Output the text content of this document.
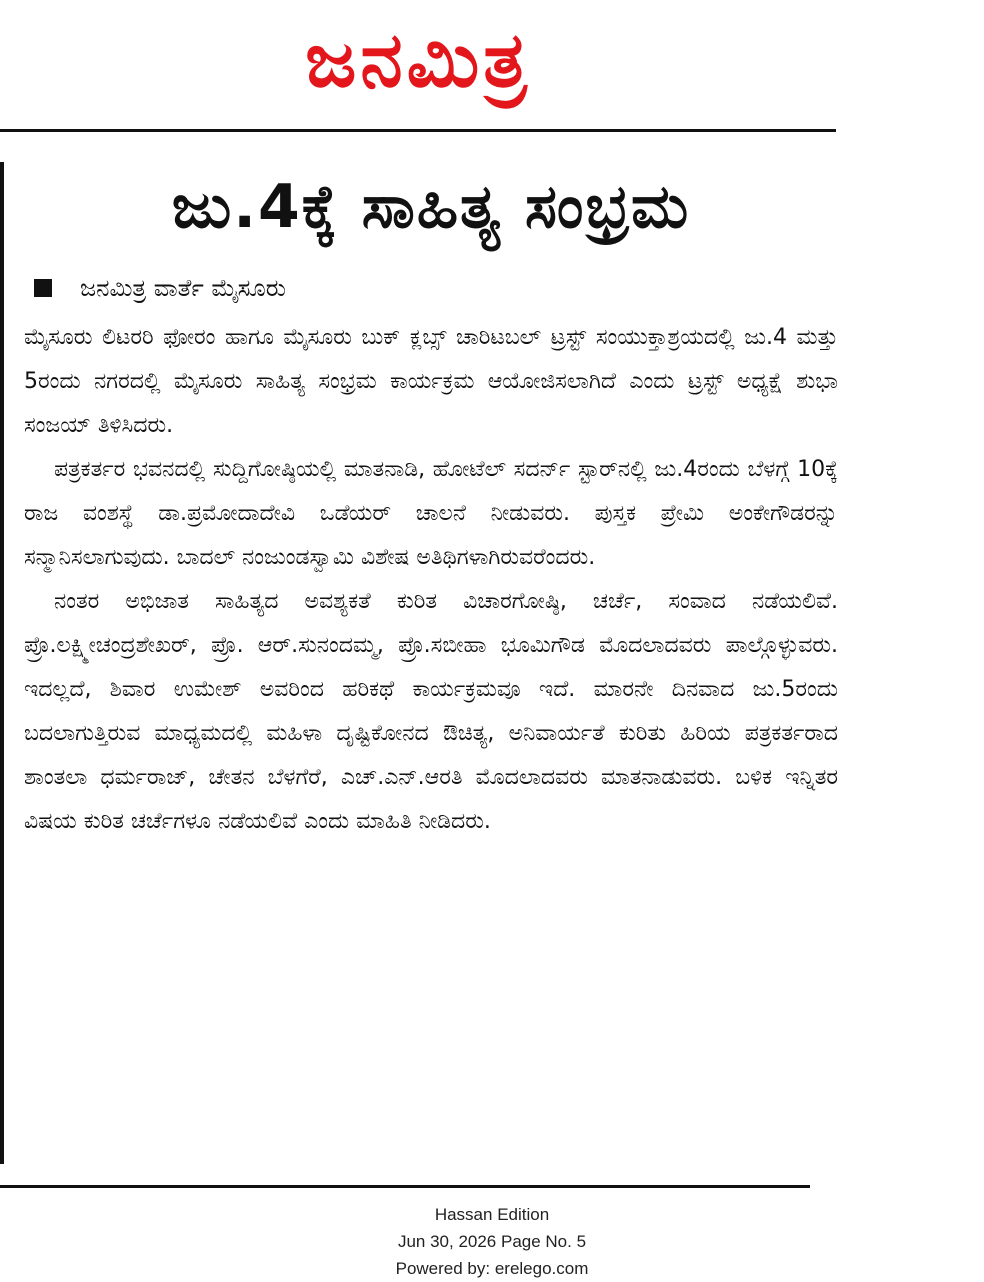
ಜನಮಿತ್ರ
ಜು.4ಕ್ಕೆ ಸಾಹಿತ್ಯ ಸಂಭ್ರಮ
ಜನಮಿತ್ರ ವಾರ್ತೆ ಮೈಸೂರು

ಮೈಸೂರು ಲಿಟರರಿ ಫೋರಂ ಹಾಗೂ ಮೈಸೂರು ಬುಕ್ ಕ್ಲಬ್ಸ್ ಚಾರಿಟಬಲ್ ಟ್ರಸ್ಟ್ ಸಂಯುಕ್ತಾಶ್ರಯದಲ್ಲಿ ಜು.4 ಮತ್ತು 5ರಂದು ನಗರದಲ್ಲಿ ಮೈಸೂರು ಸಾಹಿತ್ಯ ಸಂಭ್ರಮ ಕಾರ್ಯಕ್ರಮ ಆಯೋಜಿಸಲಾಗಿದೆ ಎಂದು ಟ್ರಸ್ಟ್ ಅಧ್ಯಕ್ಷೆ ಶುಭಾ ಸಂಜಯ್ ತಿಳಿಸಿದರು.

ಪತ್ರಕರ್ತರ ಭವನದಲ್ಲಿ ಸುದ್ದಿಗೋಷ್ಠಿಯಲ್ಲಿ ಮಾತನಾಡಿ, ಹೋಟೆಲ್ ಸದರ್ನ್ ಸ್ಟಾರ್‌ನಲ್ಲಿ ಜು.4ರಂದು ಬೆಳಗ್ಗೆ 10ಕ್ಕೆ ರಾಜ ವಂಶಸ್ಥೆ ಡಾ.ಪ್ರಮೋದಾದೇವಿ ಒಡೆಯರ್ ಚಾಲನೆ ನೀಡುವರು. ಪುಸ್ತಕ ಪ್ರೇಮಿ ಅಂಕೇಗೌಡರನ್ನು ಸನ್ಮಾನಿಸಲಾಗುವುದು. ಬಾದಲ್ ನಂಜುಂಡಸ್ವಾಮಿ ವಿಶೇಷ ಅತಿಥಿಗಳಾಗಿರುವರೆಂದರು.

ನಂತರ ಅಭಿಜಾತ ಸಾಹಿತ್ಯದ ಅವಶ್ಯಕತೆ ಕುರಿತ ವಿಚಾರಗೋಷ್ಠಿ, ಚರ್ಚೆ, ಸಂವಾದ ನಡೆಯಲಿವೆ. ಪ್ರೊ.ಲಕ್ಷ್ಮೀಚಂದ್ರಶೇಖರ್, ಪ್ರೊ. ಆರ್.ಸುನಂದಮ್ಮ, ಪ್ರೊ.ಸಬೀಹಾ ಭೂಮಿಗೌಡ ಮೊದಲಾದವರು ಪಾಲ್ಗೊಳ್ಳುವರು. ಇದಲ್ಲದೆ, ಶಿವಾರ ಉಮೇಶ್ ಅವರಿಂದ ಹರಿಕಥೆ ಕಾರ್ಯಕ್ರಮವೂ ಇದೆ. ಮಾರನೇ ದಿನವಾದ ಜು.5ರಂದು ಬದಲಾಗುತ್ತಿರುವ ಮಾಧ್ಯಮದಲ್ಲಿ ಮಹಿಳಾ ದೃಷ್ಟಿಕೋನದ ಔಚಿತ್ಯ, ಅನಿವಾರ್ಯತೆ ಕುರಿತು ಹಿರಿಯ ಪತ್ರಕರ್ತರಾದ ಶಾಂತಲಾ ಧರ್ಮರಾಜ್, ಚೇತನ ಬೆಳಗೆರೆ, ಎಚ್.ಎನ್.ಆರತಿ ಮೊದಲಾದವರು ಮಾತನಾಡುವರು. ಬಳಿಕ ಇನ್ನಿತರ ವಿಷಯ ಕುರಿತ ಚರ್ಚೆಗಳೂ ನಡೆಯಲಿವೆ ಎಂದು ಮಾಹಿತಿ ನೀಡಿದರು.

Hassan Edition
Jun 30, 2026 Page No. 5
Powered by: erelego.com
